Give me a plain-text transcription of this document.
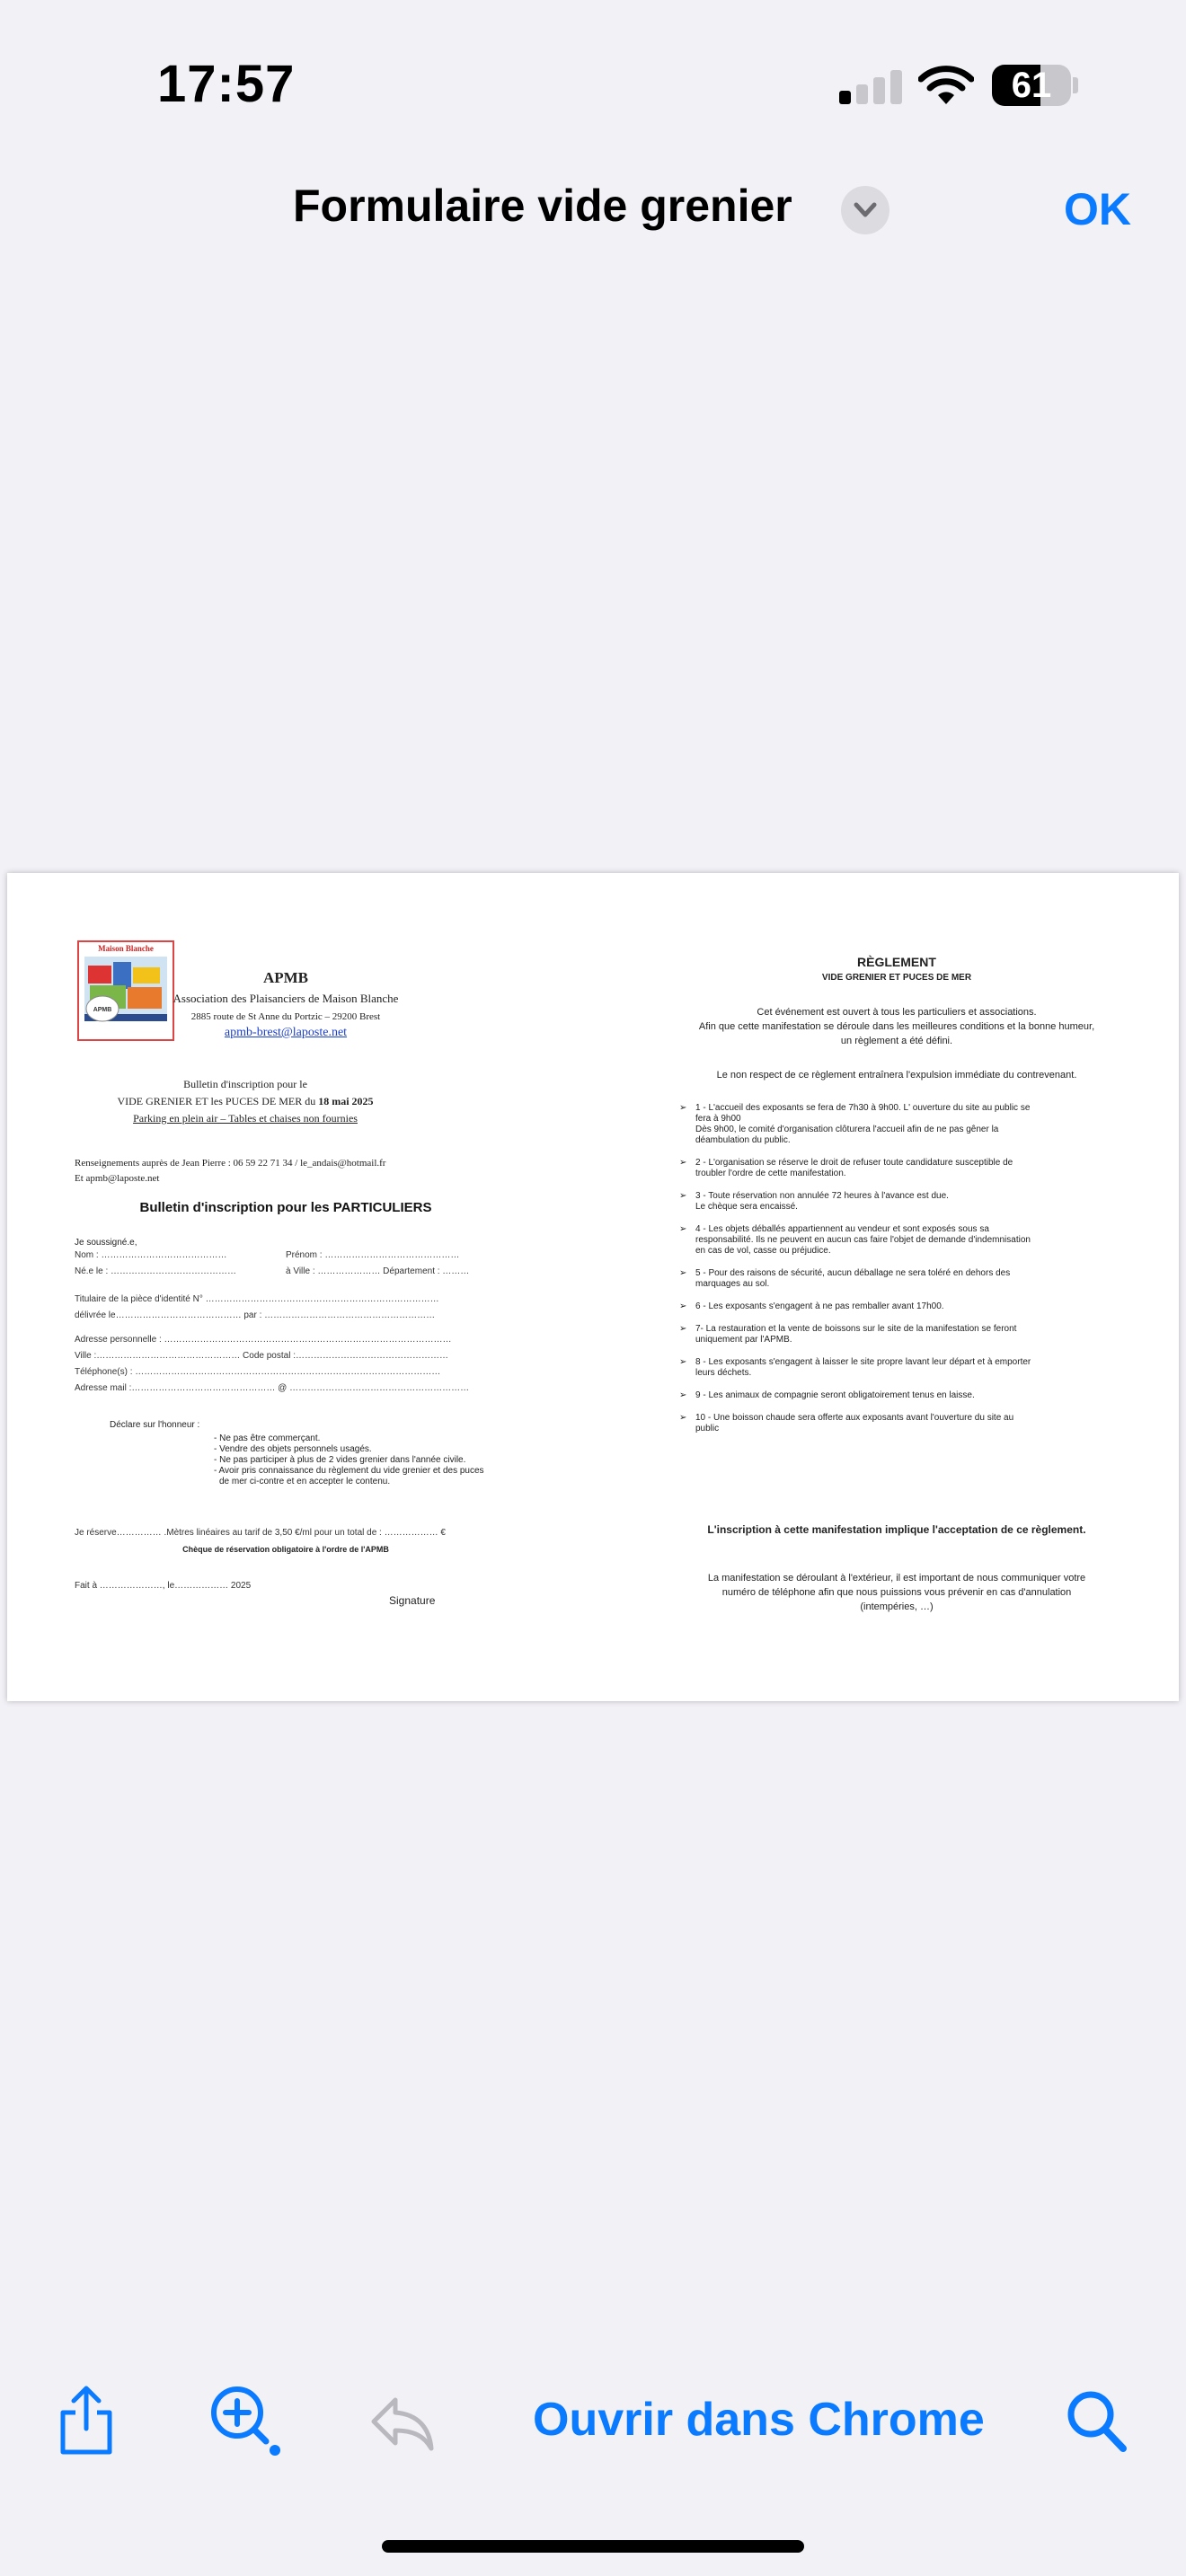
17:57	61
Formulaire vide grenier	OK
Maison Blanche
APMB
APMB
Association des Plaisanciers de Maison Blanche
2885 route de St Anne du Portzic – 29200 Brest
apmb-brest@laposte.net
Bulletin d'inscription pour le
VIDE GRENIER ET les PUCES DE MER du 18 mai 2025
Parking en plein air – Tables et chaises non fournies
Renseignements auprès de Jean Pierre : 06 59 22 71 34 / le_andais@hotmail.fr
Et apmb@laposte.net
Bulletin d'inscription pour les PARTICULIERS
Je soussigné.e,
Nom : ……………………………………	Prénom : ………………………………………
Né.e le : ……………………………………	à Ville : ………………… Département : ………
Titulaire de la pièce d'identité N° ……………………………………………………………………
délivrée le…………………………………… par : …………………………………………………
Adresse personnelle : ……………………………………………………………………………………
Ville :………………………………………… Code postal :……………………………………………
Téléphone(s) : …………………………………………………………………………………………
Adresse mail :………………………………………… @ ……………………………………………………
Déclare sur l'honneur :
- Ne pas être commerçant.
- Vendre des objets personnels usagés.
- Ne pas participer à plus de 2 vides grenier dans l'année civile.
- Avoir pris connaissance du règlement du vide grenier et des puces
de mer ci-contre et en accepter le contenu.
Je réserve…………… .Mètres linéaires au tarif de 3,50 €/ml pour un total de : ……………… €
Chèque de réservation obligatoire à l'ordre de l'APMB
Fait à …………………, le……………… 2025
Signature
RÈGLEMENT
VIDE GRENIER ET PUCES DE MER
Cet événement est ouvert à tous les particuliers et associations.
Afin que cette manifestation se déroule dans les meilleures conditions et la bonne humeur,
un règlement a été défini.
Le non respect de ce règlement entraînera l'expulsion immédiate du contrevenant.
➢ 1 - L'accueil des exposants se fera de 7h30 à 9h00. L' ouverture du site au public se
fera à 9h00
Dès 9h00, le comité d'organisation clôturera l'accueil afin de ne pas gêner la
déambulation du public.
➢ 2 - L'organisation se réserve le droit de refuser toute candidature susceptible de
troubler l'ordre de cette manifestation.
➢ 3 - Toute réservation non annulée 72 heures à l'avance est due.
Le chèque sera encaissé.
➢ 4 - Les objets déballés appartiennent au vendeur et sont exposés sous sa
responsabilité. Ils ne peuvent en aucun cas faire l'objet de demande d'indemnisation
en cas de vol, casse ou préjudice.
➢ 5 - Pour des raisons de sécurité, aucun déballage ne sera toléré en dehors des
marquages au sol.
➢ 6 - Les exposants s'engagent à ne pas remballer avant 17h00.
➢ 7- La restauration et la vente de boissons sur le site de la manifestation se feront
uniquement par l'APMB.
➢ 8 - Les exposants s'engagent à laisser le site propre lavant leur départ et à emporter
leurs déchets.
➢ 9 - Les animaux de compagnie seront obligatoirement tenus en laisse.
➢ 10 - Une boisson chaude sera offerte aux exposants avant l'ouverture du site au
public
L'inscription à cette manifestation implique l'acceptation de ce règlement.
La manifestation se déroulant à l'extérieur, il est important de nous communiquer votre
numéro de téléphone afin que nous puissions vous prévenir en cas d'annulation
(intempéries, …)
Ouvrir dans Chrome
